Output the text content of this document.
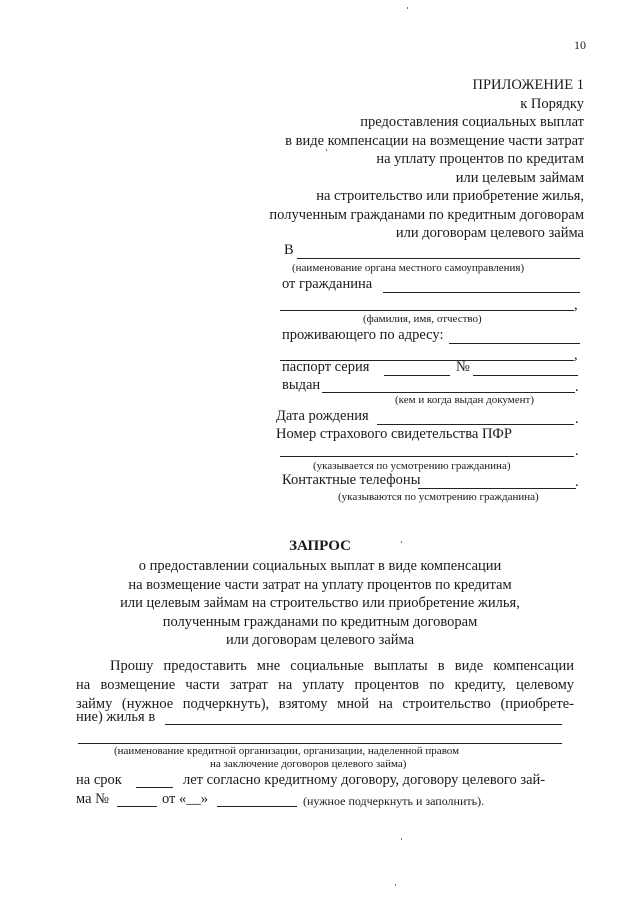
10
ПРИЛОЖЕНИЕ 1
к Порядку
предоставления социальных выплат
в виде компенсации на возмещение части затрат
на уплату процентов по кредитам
или целевым займам
на строительство или приобретение жилья,
полученным гражданами по кредитным договорам
или договорам целевого займа
В
(наименование органа местного самоуправления)
от гражданина
,
(фамилия, имя, отчество)
проживающего по адресу:
,
паспорт серия	№
выдан	.
(кем и когда выдан документ)
Дата рождения	.
Номер страхового свидетельства ПФР
.
(указывается по усмотрению гражданина)
Контактные телефоны	.
(указываются по усмотрению гражданина)
ЗАПРОС
о предоставлении социальных выплат в виде компенсации
на возмещение части затрат на уплату процентов по кредитам
или целевым займам на строительство или приобретение жилья,
полученным гражданами по кредитным договорам
или договорам целевого займа
Прошу предоставить мне социальные выплаты в виде компенсации
на возмещение части затрат на уплату процентов по кредиту, целевому
займу (нужное подчеркнуть), взятому мной на строительство (приобрете-
ние) жилья в
(наименование кредитной организации, организации, наделенной правом
на заключение договоров целевого займа)
на срок	лет согласно кредитному договору, договору целевого зай-
ма №	от «__»	(нужное подчеркнуть и заполнить).
